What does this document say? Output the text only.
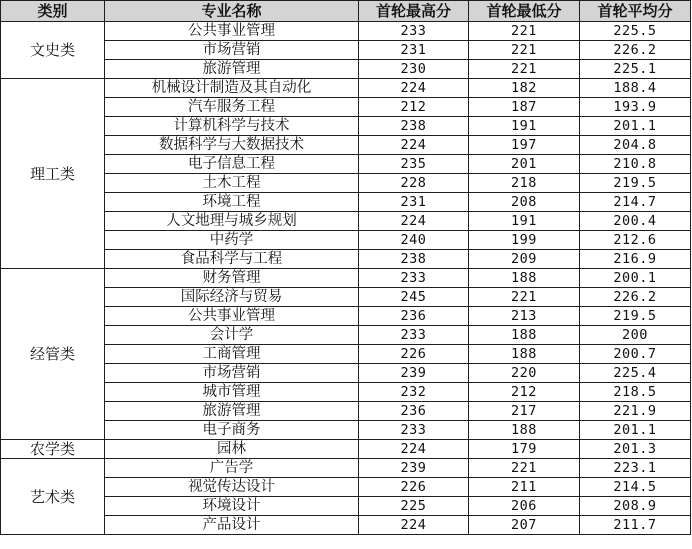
类别	专业名称	首轮最高分	首轮最低分	首轮平均分
文史类	公共事业管理	233	221	225.5
	市场营销	231	221	226.2
	旅游管理	230	221	225.1
理工类	机械设计制造及其自动化	224	182	188.4
	汽车服务工程	212	187	193.9
	计算机科学与技术	238	191	201.1
	数据科学与大数据技术	224	197	204.8
	电子信息工程	235	201	210.8
	土木工程	228	218	219.5
	环境工程	231	208	214.7
	人文地理与城乡规划	224	191	200.4
	中药学	240	199	212.6
	食品科学与工程	238	209	216.9
经管类	财务管理	233	188	200.1
	国际经济与贸易	245	221	226.2
	公共事业管理	236	213	219.5
	会计学	233	188	200
	工商管理	226	188	200.7
	市场营销	239	220	225.4
	城市管理	232	212	218.5
	旅游管理	236	217	221.9
	电子商务	233	188	201.1
农学类	园林	224	179	201.3
艺术类	广告学	239	221	223.1
	视觉传达设计	226	211	214.5
	环境设计	225	206	208.9
	产品设计	224	207	211.7
